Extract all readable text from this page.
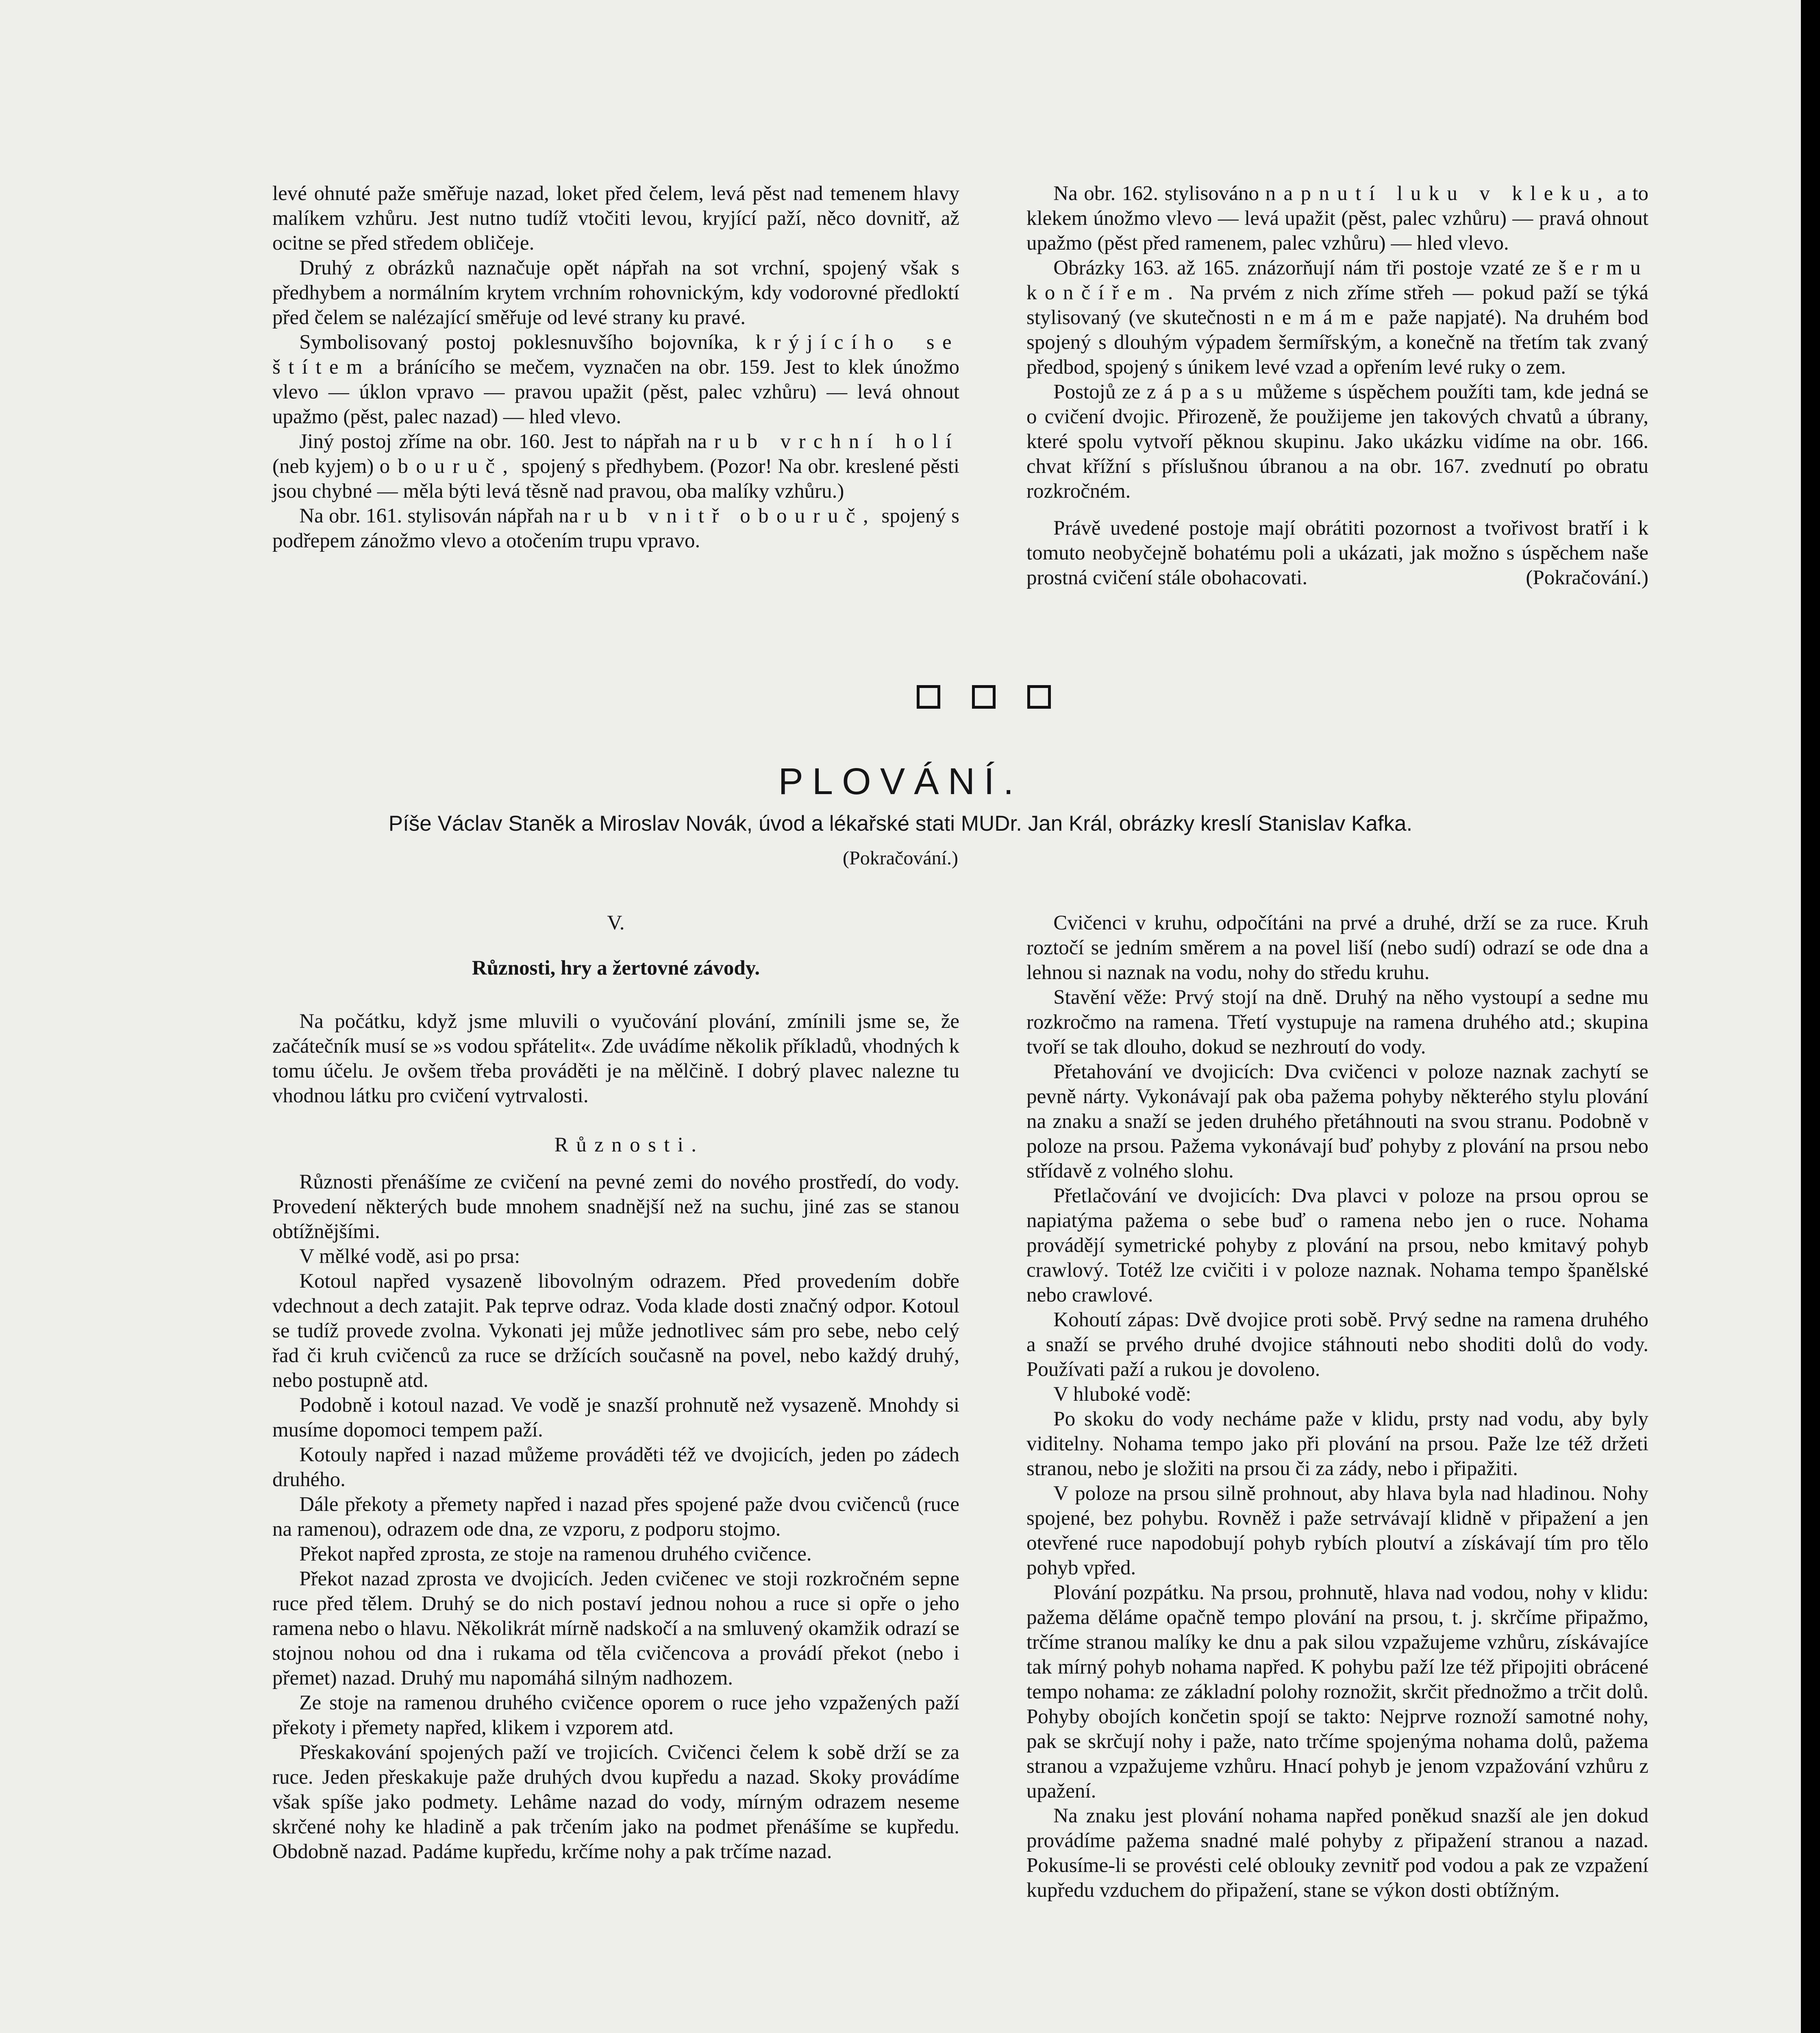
levé ohnuté paže směřuje nazad, loket před čelem, levá pěst nad temenem hlavy malíkem vzhůru. Jest nutno tudíž vtočiti levou, kryjící paží, něco dovnitř, až ocitne se před středem obličeje.

Druhý z obrázků naznačuje opět nápřah na sot vrchní, spojený však s předhybem a normálním krytem vrchním rohovnickým, kdy vodorovné předloktí před čelem se nalézající směřuje od levé strany ku pravé.

Symbolisovaný postoj poklesnuvšího bojovníka, krýjícího se štítem a bránícího se mečem, vyznačen na obr. 159. Jest to klek únožmo vlevo — úklon vpravo — pravou upažit (pěst, palec vzhůru) — levá ohnout upažmo (pěst, palec nazad) — hled vlevo.

Jiný postoj zříme na obr. 160. Jest to nápřah na rub vrchní holí (neb kyjem) obouruč, spojený s předhybem. (Pozor! Na obr. kreslené pěsti jsou chybné — měla býti levá těsně nad pravou, oba malíky vzhůru.)

Na obr. 161. stylisován nápřah na rub vnitř obouruč, spojený s podřepem zánožmo vlevo a otočením trupu vpravo.

Na obr. 162. stylisováno napnutí luku v kleku, a to klekem únožmo vlevo — levá upažit (pěst, palec vzhůru) — pravá ohnout upažmo (pěst před ramenem, palec vzhůru) — hled vlevo.

Obrázky 163. až 165. znázorňují nám tři postoje vzaté ze šermu končířem. Na prvém z nich zříme střeh — pokud paží se týká stylisovaný (ve skutečnosti nemáme paže napjaté). Na druhém bod spojený s dlouhým výpadem šermířským, a konečně na třetím tak zvaný předbod, spojený s únikem levé vzad a opřením levé ruky o zem.

Postojů ze zápasu můžeme s úspěchem použíti tam, kde jedná se o cvičení dvojic. Přirozeně, že použijeme jen takových chvatů a úbrany, které spolu vytvoří pěknou skupinu. Jako ukázku vidíme na obr. 166. chvat křížní s příslušnou úbranou a na obr. 167. zvednutí po obratu rozkročném.

Právě uvedené postoje mají obrátiti pozornost a tvořivost bratří i k tomuto neobyčejně bohatému poli a ukázati, jak možno s úspěchem naše prostná cvičení stále obohacovati.	(Pokračování.)

PLOVÁNÍ.
Píše Václav Staněk a Miroslav Novák, úvod a lékařské stati MUDr. Jan Král, obrázky kreslí Stanislav Kafka.
(Pokračování.)

V.

Různosti, hry a žertovné závody.

Na počátku, když jsme mluvili o vyučování plování, zmínili jsme se, že začátečník musí se »s vodou spřátelit«. Zde uvádíme několik příkladů, vhodných k tomu účelu. Je ovšem třeba prováděti je na mělčině. I dobrý plavec nalezne tu vhodnou látku pro cvičení vytrvalosti.

Různosti.

Různosti přenášíme ze cvičení na pevné zemi do nového prostředí, do vody. Provedení některých bude mnohem snadnější než na suchu, jiné zas se stanou obtížnějšími.

V mělké vodě, asi po prsa:

Kotoul napřed vysazeně libovolným odrazem. Před provedením dobře vdechnout a dech zatajit. Pak teprve odraz. Voda klade dosti značný odpor. Kotoul se tudíž provede zvolna. Vykonati jej může jednotlivec sám pro sebe, nebo celý řad či kruh cvičenců za ruce se držících současně na povel, nebo každý druhý, nebo postupně atd.

Podobně i kotoul nazad. Ve vodě je snazší prohnutě než vysazeně. Mnohdy si musíme dopomoci tempem paží.

Kotouly napřed i nazad můžeme prováděti též ve dvojicích, jeden po zádech druhého.

Dále překoty a přemety napřed i nazad přes spojené paže dvou cvičenců (ruce na ramenou), odrazem ode dna, ze vzporu, z podporu stojmo.

Překot napřed zprosta, ze stoje na ramenou druhého cvičence.

Překot nazad zprosta ve dvojicích. Jeden cvičenec ve stoji rozkročném sepne ruce před tělem. Druhý se do nich postaví jednou nohou a ruce si opře o jeho ramena nebo o hlavu. Několikrát mírně nadskočí a na smluvený okamžik odrazí se stojnou nohou od dna i rukama od těla cvičencova a provádí překot (nebo i přemet) nazad. Druhý mu napomáhá silným nadhozem.

Ze stoje na ramenou druhého cvičence oporem o ruce jeho vzpažených paží překoty i přemety napřed, klikem i vzporem atd.

Přeskakování spojených paží ve trojicích. Cvičenci čelem k sobě drží se za ruce. Jeden přeskakuje paže druhých dvou kupředu a nazad. Skoky provádíme však spíše jako podmety. Lehâme nazad do vody, mírným odrazem neseme skrčené nohy ke hladině a pak trčením jako na podmet přenášíme se kupředu. Obdobně nazad. Padáme kupředu, krčíme nohy a pak trčíme nazad.

Cvičenci v kruhu, odpočítáni na prvé a druhé, drží se za ruce. Kruh roztočí se jedním směrem a na povel liší (nebo sudí) odrazí se ode dna a lehnou si naznak na vodu, nohy do středu kruhu.

Stavění věže: Prvý stojí na dně. Druhý na něho vystoupí a sedne mu rozkročmo na ramena. Třetí vystupuje na ramena druhého atd.; skupina tvoří se tak dlouho, dokud se nezhroutí do vody.

Přetahování ve dvojicích: Dva cvičenci v poloze naznak zachytí se pevně nárty. Vykonávají pak oba pažema pohyby některého stylu plování na znaku a snaží se jeden druhého přetáhnouti na svou stranu. Podobně v poloze na prsou. Pažema vykonávají buď pohyby z plování na prsou nebo střídavě z volného slohu.

Přetlačování ve dvojicích: Dva plavci v poloze na prsou oprou se napiatýma pažema o sebe buď o ramena nebo jen o ruce. Nohama provádějí symetrické pohyby z plování na prsou, nebo kmitavý pohyb crawlový. Totéž lze cvičiti i v poloze naznak. Nohama tempo španělské nebo crawlové.

Kohoutí zápas: Dvě dvojice proti sobě. Prvý sedne na ramena druhého a snaží se prvého druhé dvojice stáhnouti nebo shoditi dolů do vody. Používati paží a rukou je dovoleno.

V hluboké vodě:

Po skoku do vody necháme paže v klidu, prsty nad vodu, aby byly viditelny. Nohama tempo jako při plování na prsou. Paže lze též držeti stranou, nebo je složiti na prsou či za zády, nebo i připažiti.

V poloze na prsou silně prohnout, aby hlava byla nad hladinou. Nohy spojené, bez pohybu. Rovněž i paže setrvávají klidně v připažení a jen otevřené ruce napodobují pohyb rybích ploutví a získávají tím pro tělo pohyb vpřed.

Plování pozpátku. Na prsou, prohnutě, hlava nad vodou, nohy v klidu: pažema děláme opačně tempo plování na prsou, t. j. skrčíme připažmo, trčíme stranou malíky ke dnu a pak silou vzpažujeme vzhůru, získávajíce tak mírný pohyb nohama napřed. K pohybu paží lze též připojiti obrácené tempo nohama: ze základní polohy roznožit, skrčit přednožmo a trčit dolů. Pohyby obojích končetin spojí se takto: Nejprve roznoží samotné nohy, pak se skrčují nohy i paže, nato trčíme spojenýma nohama dolů, pažema stranou a vzpažujeme vzhůru. Hnací pohyb je jenom vzpažování vzhůru z upažení.

Na znaku jest plování nohama napřed poněkud snazší ale jen dokud provádíme pažema snadné malé pohyby z připažení stranou a nazad. Pokusíme-li se provésti celé oblouky zevnitř pod vodou a pak ze vzpažení kupředu vzduchem do připažení, stane se výkon dosti obtížným.
